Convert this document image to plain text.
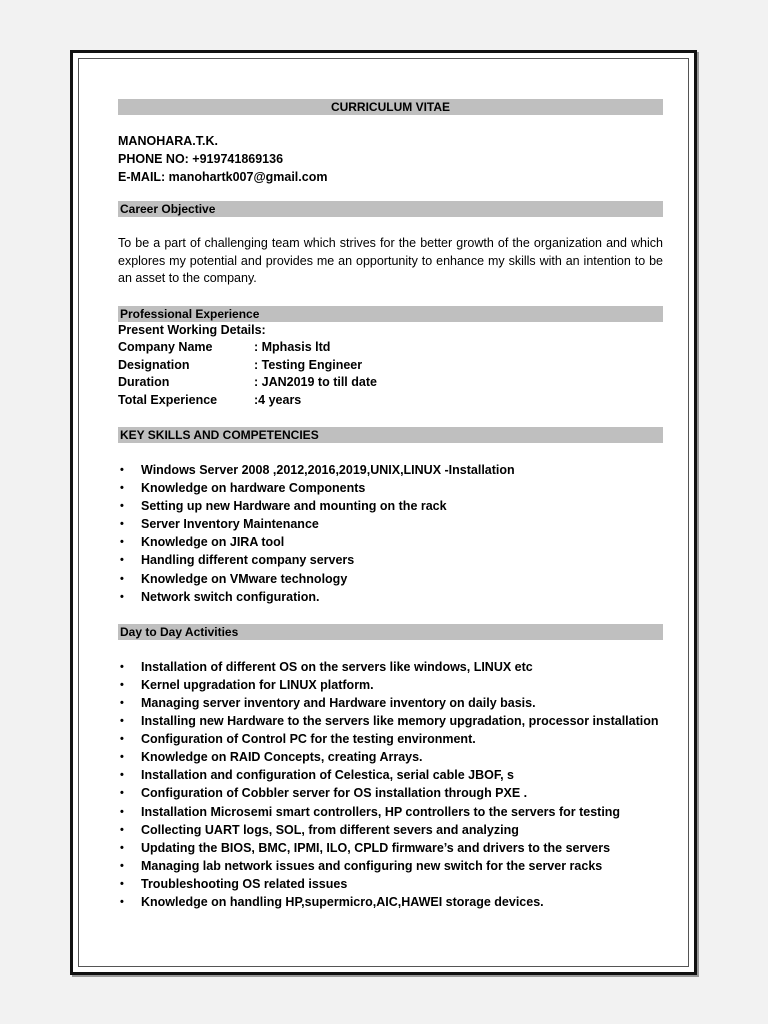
CURRICULUM VITAE
MANOHARA.T.K.
PHONE NO: +919741869136
E-MAIL: manohartk007@gmail.com
Career Objective
To be a part of challenging team which strives for the better growth of the organization and which explores my potential and provides me an opportunity to enhance my skills with an intention to be an asset to the company.
Professional Experience
Present Working Details:
Company Name	: Mphasis ltd
Designation	: Testing Engineer
Duration	: JAN2019 to till date
Total Experience	:4 years
KEY SKILLS AND COMPETENCIES
• Windows Server 2008 ,2012,2016,2019,UNIX,LINUX -Installation
• Knowledge on hardware Components
• Setting up new Hardware and mounting on the rack
• Server Inventory Maintenance
• Knowledge on JIRA tool
• Handling different company servers
• Knowledge on VMware technology
• Network switch configuration.
Day to Day Activities
• Installation of different OS on the servers like windows, LINUX etc
• Kernel upgradation for LINUX platform.
• Managing server inventory and Hardware inventory on daily basis.
• Installing new Hardware to the servers like memory upgradation, processor installation
• Configuration of Control PC for the testing environment.
• Knowledge on RAID Concepts, creating Arrays.
• Installation and configuration of Celestica, serial cable JBOF, s
• Configuration of Cobbler server for OS installation through PXE .
• Installation Microsemi smart controllers, HP controllers to the servers for testing
• Collecting UART logs, SOL, from different severs and analyzing
• Updating the BIOS, BMC, IPMI, ILO, CPLD firmware’s and drivers to the servers
• Managing lab network issues and configuring new switch for the server racks
• Troubleshooting OS related issues
• Knowledge on handling HP,supermicro,AIC,HAWEI storage devices.
